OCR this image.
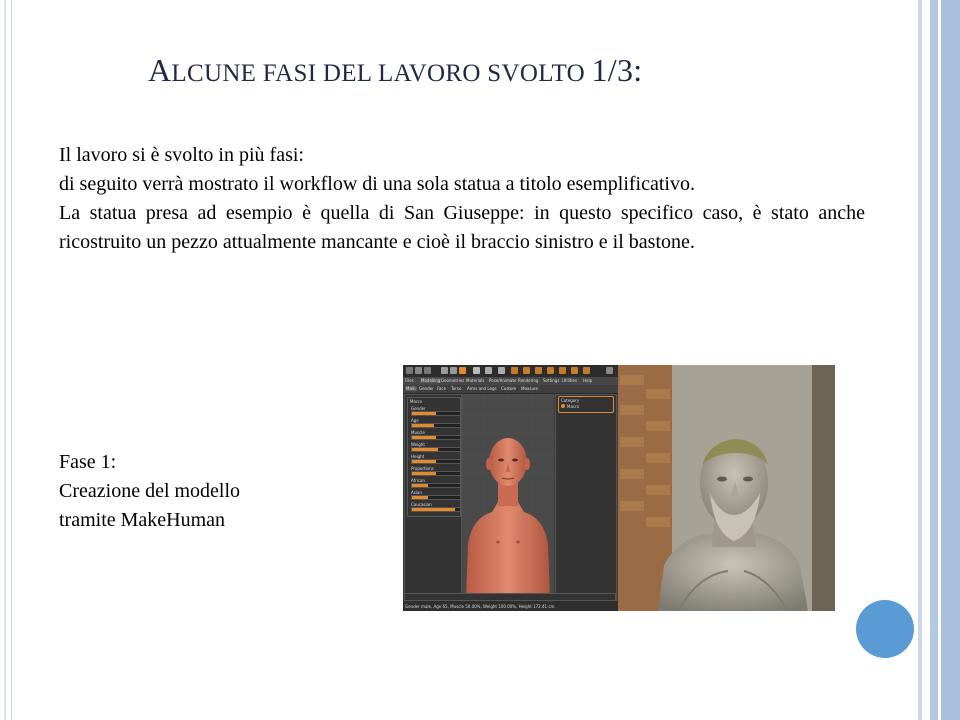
ALCUNE FASI DEL LAVORO SVOLTO 1/3:

Il lavoro si è svolto in più fasi:

di seguito verrà mostrato il workflow di una sola statua a titolo esemplificativo.

La statua presa ad esempio è quella di San Giuseppe: in questo specifico caso, è stato anche ricostruito un pezzo attualmente mancante e cioè il braccio sinistro e il bastone.

Fase 1:
Creazione del modello
tramite MakeHuman
Files Modelling Geometries Materials Pose/Animate Rendering Settings Utilities Help
Main Gender Face Torso Arms and Legs Custom Measure
Macro
Gender
Age
Muscle
Weight
Height
Proportions
African
Asian
Caucasian
Category
Macro
Gender male, Age 65, Muscle 50.00%, Weight 100.00%, Height 172.41 cm
